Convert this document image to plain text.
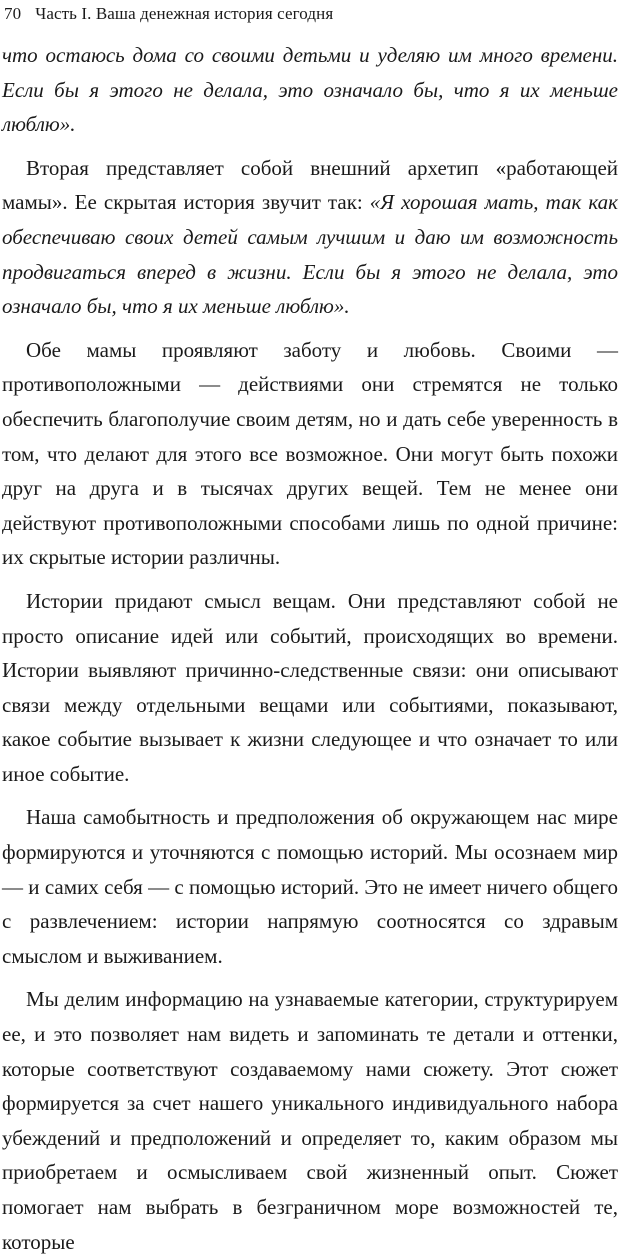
70 Часть I. Ваша денежная история сегодня

что остаюсь дома со своими детьми и уделяю им много времени. Если бы я этого не делала, это означало бы, что я их меньше люблю».

Вторая представляет собой внешний архетип «работающей мамы». Ее скрытая история звучит так: «Я хорошая мать, так как обеспечиваю своих детей самым лучшим и даю им возможность продвигаться вперед в жизни. Если бы я этого не делала, это означало бы, что я их меньше люблю».

Обе мамы проявляют заботу и любовь. Своими — противоположными — действиями они стремятся не только обеспечить благополучие своим детям, но и дать себе уверенность в том, что делают для этого все возможное. Они могут быть похожи друг на друга и в тысячах других вещей. Тем не менее они действуют противоположными способами лишь по одной причине: их скрытые истории различны.

Истории придают смысл вещам. Они представляют собой не просто описание идей или событий, происходящих во времени. Истории выявляют причинно-следственные связи: они описывают связи между отдельными вещами или событиями, показывают, какое событие вызывает к жизни следующее и что означает то или иное событие.

Наша самобытность и предположения об окружающем нас мире формируются и уточняются с помощью историй. Мы осознаем мир — и самих себя — с помощью историй. Это не имеет ничего общего с развлечением: истории напрямую соотносятся со здравым смыслом и выживанием.

Мы делим информацию на узнаваемые категории, структурируем ее, и это позволяет нам видеть и запоминать те детали и оттенки, которые соответствуют создаваемому нами сюжету. Этот сюжет формируется за счет нашего уникального индивидуального набора убеждений и предположений и определяет то, каким образом мы приобретаем и осмысливаем свой жизненный опыт. Сюжет помогает нам выбрать в безграничном море возможностей те, которые
